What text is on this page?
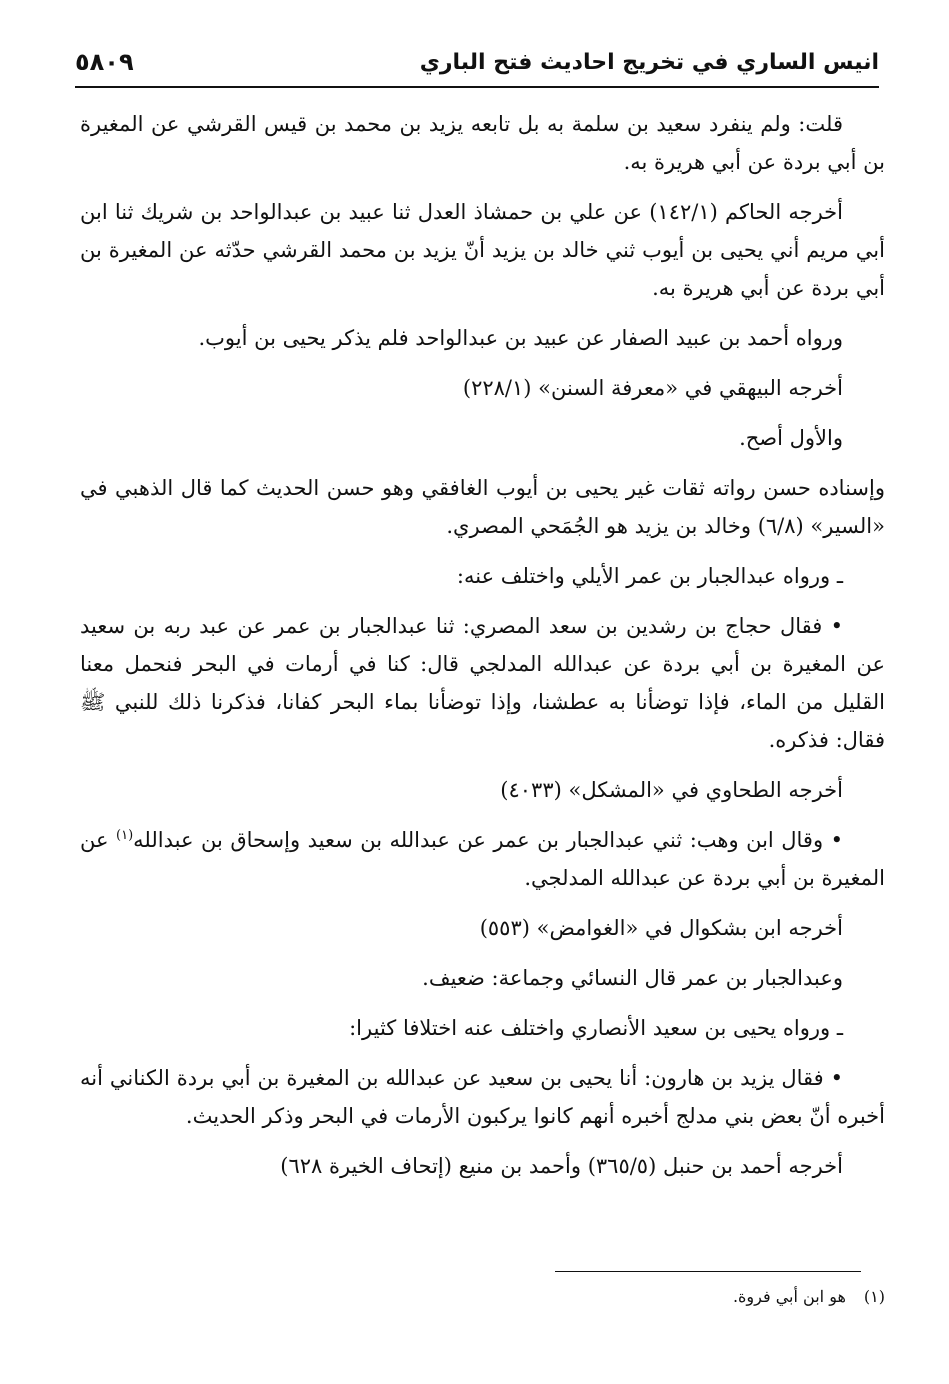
انيس الساري في تخريج احاديث فتح الباري
٥٨٠٩

قلت: ولم ينفرد سعيد بن سلمة به بل تابعه يزيد بن محمد بن قيس القرشي عن المغيرة بن أبي بردة عن أبي هريرة به.

أخرجه الحاكم (١٤٢/١) عن علي بن حمشاذ العدل ثنا عبيد بن عبدالواحد بن شريك ثنا ابن أبي مريم أني يحيى بن أيوب ثني خالد بن يزيد أنّ يزيد بن محمد القرشي حدّثه عن المغيرة بن أبي بردة عن أبي هريرة به.

ورواه أحمد بن عبيد الصفار عن عبيد بن عبدالواحد فلم يذكر يحيى بن أيوب.

أخرجه البيهقي في «معرفة السنن» (٢٢٨/١)

والأول أصح.

وإسناده حسن رواته ثقات غير يحيى بن أيوب الغافقي وهو حسن الحديث كما قال الذهبي في «السير» (٦/٨) وخالد بن يزيد هو الجُمَحي المصري.

ـ ورواه عبدالجبار بن عمر الأيلي واختلف عنه:

• فقال حجاج بن رشدين بن سعد المصري: ثنا عبدالجبار بن عمر عن عبد ربه بن سعيد عن المغيرة بن أبي بردة عن عبدالله المدلجي قال: كنا في أرمات في البحر فنحمل معنا القليل من الماء، فإذا توضأنا به عطشنا، وإذا توضأنا بماء البحر كفانا، فذكرنا ذلك للنبي ﷺ فقال: فذكره.

أخرجه الطحاوي في «المشكل» (٤٠٣٣)

• وقال ابن وهب: ثني عبدالجبار بن عمر عن عبدالله بن سعيد وإسحاق بن عبدالله$^{(١)}$ عن المغيرة بن أبي بردة عن عبدالله المدلجي.

أخرجه ابن بشكوال في «الغوامض» (٥٥٣)

وعبدالجبار بن عمر قال النسائي وجماعة: ضعيف.

ـ ورواه يحيى بن سعيد الأنصاري واختلف عنه اختلافا كثيرا:

• فقال يزيد بن هارون: أنا يحيى بن سعيد عن عبدالله بن المغيرة بن أبي بردة الكناني أنه أخبره أنّ بعض بني مدلج أخبره أنهم كانوا يركبون الأرمات في البحر وذكر الحديث.

أخرجه أحمد بن حنبل (٣٦٥/٥) وأحمد بن منيع (إتحاف الخيرة ٦٢٨)

(١)
هو ابن أبي فروة.
